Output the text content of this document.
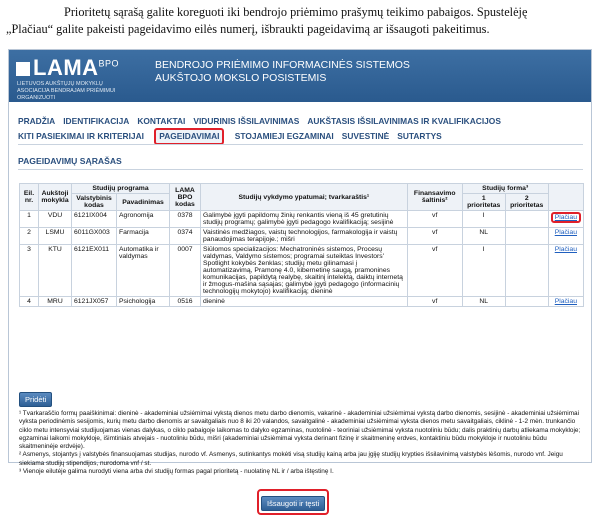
Prioritetų sąrašą galite koreguoti iki bendrojo priėmimo prašymų teikimo pabaigos. Spustelėję
„Plačiau“ galite pakeisti pageidavimo eilės numerį, išbraukti pageidavimą ar išsaugoti pakeitimus.
$LAMA^{BPO}$
LIETUVOS AUKŠTŲJŲ MOKYKLŲ ASOCIACIJA BENDRAJAM PRIĖMIMUI ORGANIZUOTI
BENDROJO PRIĖMIMO INFORMACINĖS SISTEMOS
AUKŠTOJO MOKSLO POSISTEMIS
PRADŽIA IDENTIFIKACIJA KONTAKTAI VIDURINIS IŠSILAVINIMAS AUKŠTASIS IŠSILAVINIMAS IR KVALIFIKACIJOS
KITI PASIEKIMAI IR KRITERIJAI PAGEIDAVIMAI STOJAMIEJI EGZAMINAI SUVESTINĖ SUTARTYS
PAGEIDAVIMŲ SĄRAŠAS
Eil. nr.	Aukštoji mokykla	Studijų programa		LAMA BPO kodas	Studijų vykdymo ypatumai; tvarkaraštis¹	Finansavimo šaltinis²	Studijų forma³		
		Valstybinis kodas	Pavadinimas				1 prioritetas	2 prioritetas	
1	VDU	6121IX004	Agronomija	0378	Galimybė įgyti papildomų žinių renkantis vieną iš 45 gretutinių studijų programų; galimybė įgyti pedagogo kvalifikaciją; sesijinė	vf	I		Plačiau
2	LSMU	6011GX003	Farmacija	0374	Vaistinės medžiagos, vaistų technologijos, farmakologija ir vaistų panaudojimas terapijoje.; mišri	vf	NL		Plačiau
3	KTU	6121EX011	Automatika ir valdymas	0007	Siūlomos specializacijos: Mechatroninės sistemos, Procesų valdymas, Valdymo sistemos; programai suteiktas Investors' Spotlight kokybės ženklas; studijų metu gilinamasi į automatizavimą, Pramonę 4.0, kibernetinę saugą, pramonines komunikacijas, papildytą realybę, skaitinį intelektą, daiktų internetą ir žmogus-mašina sąsajas; galimybė įgyti pedagogo (informacinių technologijų mokytojo) kvalifikaciją; dieninė	vf	I		Plačiau
4	MRU	6121JX057	Psichologija	0516	dieninė	vf	NL		Plačiau
Pridėti
¹ Tvarkaraščio formų paaiškinimai: dieninė - akademiniai užsiėmimai vykstą dienos metu darbo dienomis, vakarinė - akademiniai užsiėmimai vykstą darbo dienomis, sesijinė - akademiniai užsiėmimai vyksta periodinėmis sesijomis, kurių metu darbo dienomis ar savaitgaliais nuo 8 iki 20 valandos, savaitgalinė - akademiniai užsiėmimai vyksta dienos metu savaitgaliais, ciklinė - 1-2 mėn. trunkančio ciklo metu intensyviai studijuojamas vienas dalykas, o ciklo pabaigoje laikomas to dalyko egzaminas, nuotolinė - teoriniai užsiėmimai vyksta nuotoliniu būdu; dalis praktinių darbų atliekama mokykloje; egzaminai laikomi mokykloje, išimtiniais atvejais - nuotoliniu būdu, mišri (akademiniai užsiėmimai vyksta derinant fizinę ir skaitmeninę erdves, kontaktiniu būdu mokykloje ir nuotoliniu būdu skaitmeninėje erdvėje).
² Asmenys, stojantys į valstybės finansuojamas studijas, nurodo vf. Asmenys, sutinkantys mokėti visą studijų kainą arba jau įgiję studijų krypties išsilavinimą valstybės lėšomis, nurodo vnf. Jeigu siekiama studijų stipendijos, nurodoma vnf / st.
³ Vienoje eilutėje galima nurodyti viena arba dvi studijų formas pagal prioritetą - nuolatinę NL ir / arba ištęstinę I.
Išsaugoti ir tęsti
